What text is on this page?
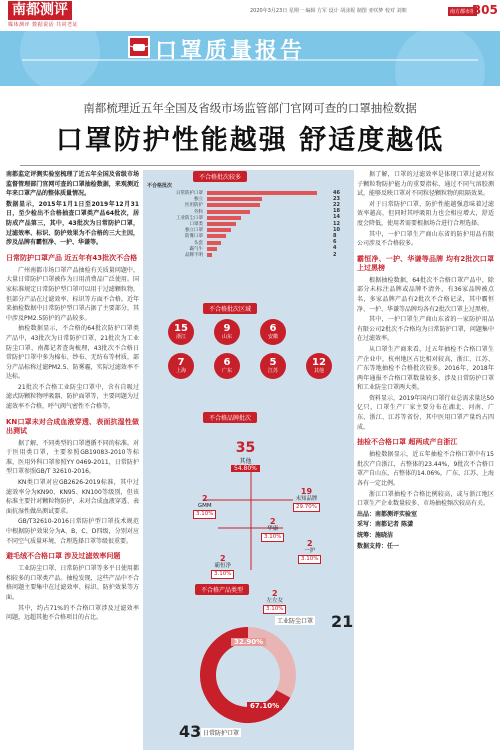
南都测评
媒体测评 数据说话 共同견证
2020年3月23日 星期一 编辑 方军 设计 胡沫妮 制图 亚咲梦 校对 刘朝	南方都市报
B05
口罩质量报告
南都梳理近五年全国及省级市场监管部门官网可查的口罩抽检数据
口罩防护性能越强 舒适度越低

南都监定评测实验室梳理了近五年全国及省级市场监督管理部门官网可查的口罩抽检数据，来观测近年来口罩产品的整体质量情况。

数据显示，2015年1月1日至2019年12月31日，至少检出不合格抽查口罩类产品64批次，居防成产品第三，其中，43批次为日常防护口罩，过滤效率、标识、防护效果为不合格的三大主因，涉及品牌有霸恒净、一护、华谦等。

日常防护口罩产品 近五年有43批次不合格

广州南都市场口罩产品抽检有关质量问题中，大量日常防护口罩被作为日用消费品广泛使用。国家标准规定日常防护型口罩可以用于过滤颗粒物，但部分产品在过滤效率、标识等方面不合格。近年来抽检数据中日常防护型口罩占据了主要部分，其中涉及PM2.5防护的产品较多。

抽检数据显示，不合格的64批次防护口罩类产品中，43批次为日常防护口罩，21批次为工业防尘口罩，南都记者查询梳理，43批次不合格日常防护口罩中多为棉布、纱布、无纺布等材质，部分产品标称过滤PM2.5、防雾霾，实际过滤效率不达标。

21批次不合格工业防尘口罩中，含有自吸过滤式防颗粒物呼吸器、防护面罩等，主要问题为过滤效率不合格，呼气阀气密性不合格等。

KN口罩未对合成血液穿透、表面抗湿性做出测试

据了解，不同类型的口罩遵循不同的标准。对于医用类口罩，主要参照GB19083-2010等标准，医用外科口罩参照YY 0469-2011，日常防护型口罩参照GB/T 32610-2016。

KN类口罩对应GB2626-2019标准，其中过滤效率分为KN90、KN95、KN100等级别，但该标准主要针对颗粒物防护，未对合成血液穿透、表面抗湿性做出测试要求。

GB/T32610-2016日常防护型口罩技术规范中根据防护效果分为A、B、C、D四级，分别对应不同空气质量环境，合理选择口罩等级很重要。

避毛绒不合格口罩 涉及过滤效率问题

工业防尘口罩、日常防护口罩等多平日使用都相较多的口罩类产品。抽检发现，这些产品中不合格问题主要集中在过滤效率、标识、防护效果等方面。

其中，约占71%的不合格口罩涉及过滤效率问题，远超其他不合格项目的占比。

不合格批次较多
不合格批次
日常防护口罩	46
独立	23
医用防护	22
外科	18
工业防尘口罩	14
口罩类	12
独立口罩	10
防雾口罩	8
头套	6
霸气牛	4
品牌不明	2
不合格批次区域
15
浙江
9
山东
6
安徽
7
上海
6
广东
5
江苏
12
其他
不合格品牌批次
35
其他
54.80%
2
GMM
3.10%
19
未知品牌
29.70%
2
华康
3.10%
2
一护
3.10%
2
霸恒净
3.10%
2
左左女
3.10%
不合格产品类型
工业防尘口罩 21
32.90%
67.10%
43 日常防护口罩

据了解，口罩的过滤效率是体现口罩过滤对粒子颗粒物防护能力的重要指标，通过不同气溶胶测试，能够反映口罩对不同粒径颗粒物的阻隔效果。

对于日常防护口罩，防护性能越强意味着过滤效率越高，但同时其呼吸阻力也会相应增大，舒适度会降低，使用者需要根据场合进行合理选择。

其中，一护口罩生产商山东省的防护用品有限公司涉及不合格较多。

霸恒净、一护、华谦等品牌 均有2批次口罩上过黑榜

根据抽检数据，64批次不合格口罩产品中，除部分未标注品牌或品牌不清外，有36家品牌被点名，多家品牌产品有2批次不合格记录，其中霸恒净、一护、华谦等品牌均各有2批次口罩上过黑榜。

其中，一护口罩生产商山东省的一家防护用品有限公司2批次不合格均为日常防护口罩，问题集中在过滤效率。

从口罩生产商来看，过五年抽检不合格口罩生产企业中，杭州地区占比相对较高，浙江、江苏、广东等地抽检不合格批次较多。2016年、2018年两年通报不合格口罩数量较多，涉及日常防护口罩和工业防尘口罩两大类。

资料显示，2019年国内口罩行业总需求量达50亿只，口罩生产厂家主要分布在湖北、河南、广东、浙江、江苏等省份，其中医用口罩产量约占四成。

抽检不合格口罩 超两成产自浙江

抽检数据显示，近五年抽检不合格口罩中有15批次产自浙江，占整体的23.44%，9批次不合格口罩产自山东，占整体的14.06%，广东、江苏、上海各有一定比例。

浙江口罩抽检不合格比例较高，或与浙江地区口罩生产企业数量较多、市场抽检频次较高有关。

出品：南都测评实验室

采写：南都记者 陈潇

统筹：施晓洁

数据支持：任一
